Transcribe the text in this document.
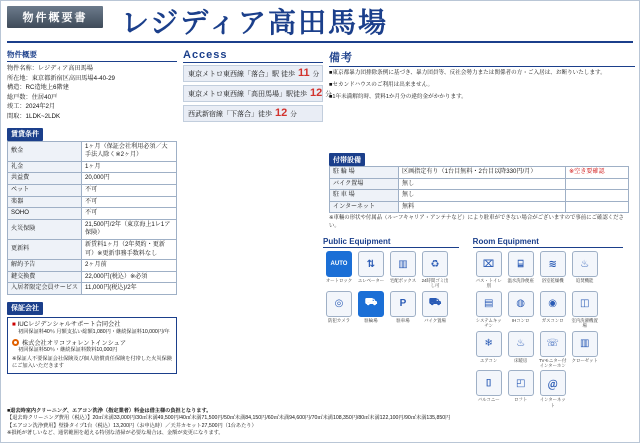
物件概要書	レジディア高田馬場
物件概要
物件名称：レジディア高田馬場
所在地：東京都新宿区高田馬場4-40-29
構造：RC造地上6階建
総戸数：住居40戸
竣工：2024年2月
間取：1LDK~2LDK
賃貸条件
敷金	1ヶ月（保証会社利用必須／大手法人除く※2ヶ月）
礼金	1ヶ月
共益費	20,000円
ペット	不可
楽器	不可
SOHO	不可
火災保険	21,500円/2年（東京海上1レ1ア保険）
更新料	新賃料1ヶ月（2年契約・更新可）※更新事務手数料なし
解約予告	2ヶ月前
鍵交換費	22,000円(税込）※必須
入居者限定会員サービス	11,000円(税込)/2年
保証会社
■ IUCレジデンシャルサポート合同会社
初回保証料40％ 月額支払い総額1,080円・継続保証料10,000円/年
株式会社オリコフォレントインシュア
初回保証料50％・継続保証料数料10,000円
※保証人不要保証会社保険及び個人賠償責任保険を付帯した火災保険にご加入いただきます
Access
東京メトロ東西線「落合」駅 徒歩 11 分
東京メトロ東西線「高田馬場」駅徒歩 12 分
西武新宿線「下落合」徒歩 12 分
備考
■東京都暴力団排除条例に基づき、暴力団員等、反社会勢力または関係者の方・ご入居は、お断りいたします。
■セカンドハウスのご利用は出来ません。
■1年未満解約時、賃料1か月分の違約金がかかります。
付帯設備
駐 輪 場	区画指定有り（1台目無料・2台目以降330円/月）	※空き要確認
バイク置場	無し	
駐 車 場	無し	
インターネット	無料	
※車輛の形状や付属品（ルーフキャリア・アンテナなど）により駐車ができない場合がございますので事前にご確認ください。
Public Equipment
AUTO
オートロック
⇅
エレベーター
▥
宅配ボックス
♻
24時間ゴミ出し可
◎
防犯カメラ
⛟
駐輪場
P
駐車場
⛟
バイク置場

Room Equipment
⌧
バス・トイレ別
⌸
温水洗浄便座
≋
浴室乾燥機
♨
追焚機能
▤
システムキッチン
◍
IHコンロ
◉
ガスコンロ
◫
室内洗濯機置場
❄
エアコン
♨
床暖房
☏
TVモニター付インターホン
▥
クローゼット
⌷
バルコニー
◰
ロフト
＠
インターネット
■退去時室内クリーニング、エアコン洗浄（指定業者）料金は借主様の負担となります。
【退去時クリーニング費用（税込）】20㎡未満33,000円/30㎡未満49,500円/40㎡未満71,500円/50㎡未満84,150円/60㎡未満94,600円/70㎡未満108,350円/80㎡未満122,100円/90㎡未満135,850円
【エアコン洗浄費用】壁掛タイプ1台（税込）13,200円（お申込時）／天井カセット27,500円（1台あたり）
※損耗が著しいなど、通常範囲を超える特別な清掃が必要な場合は、金額が変更になります。
